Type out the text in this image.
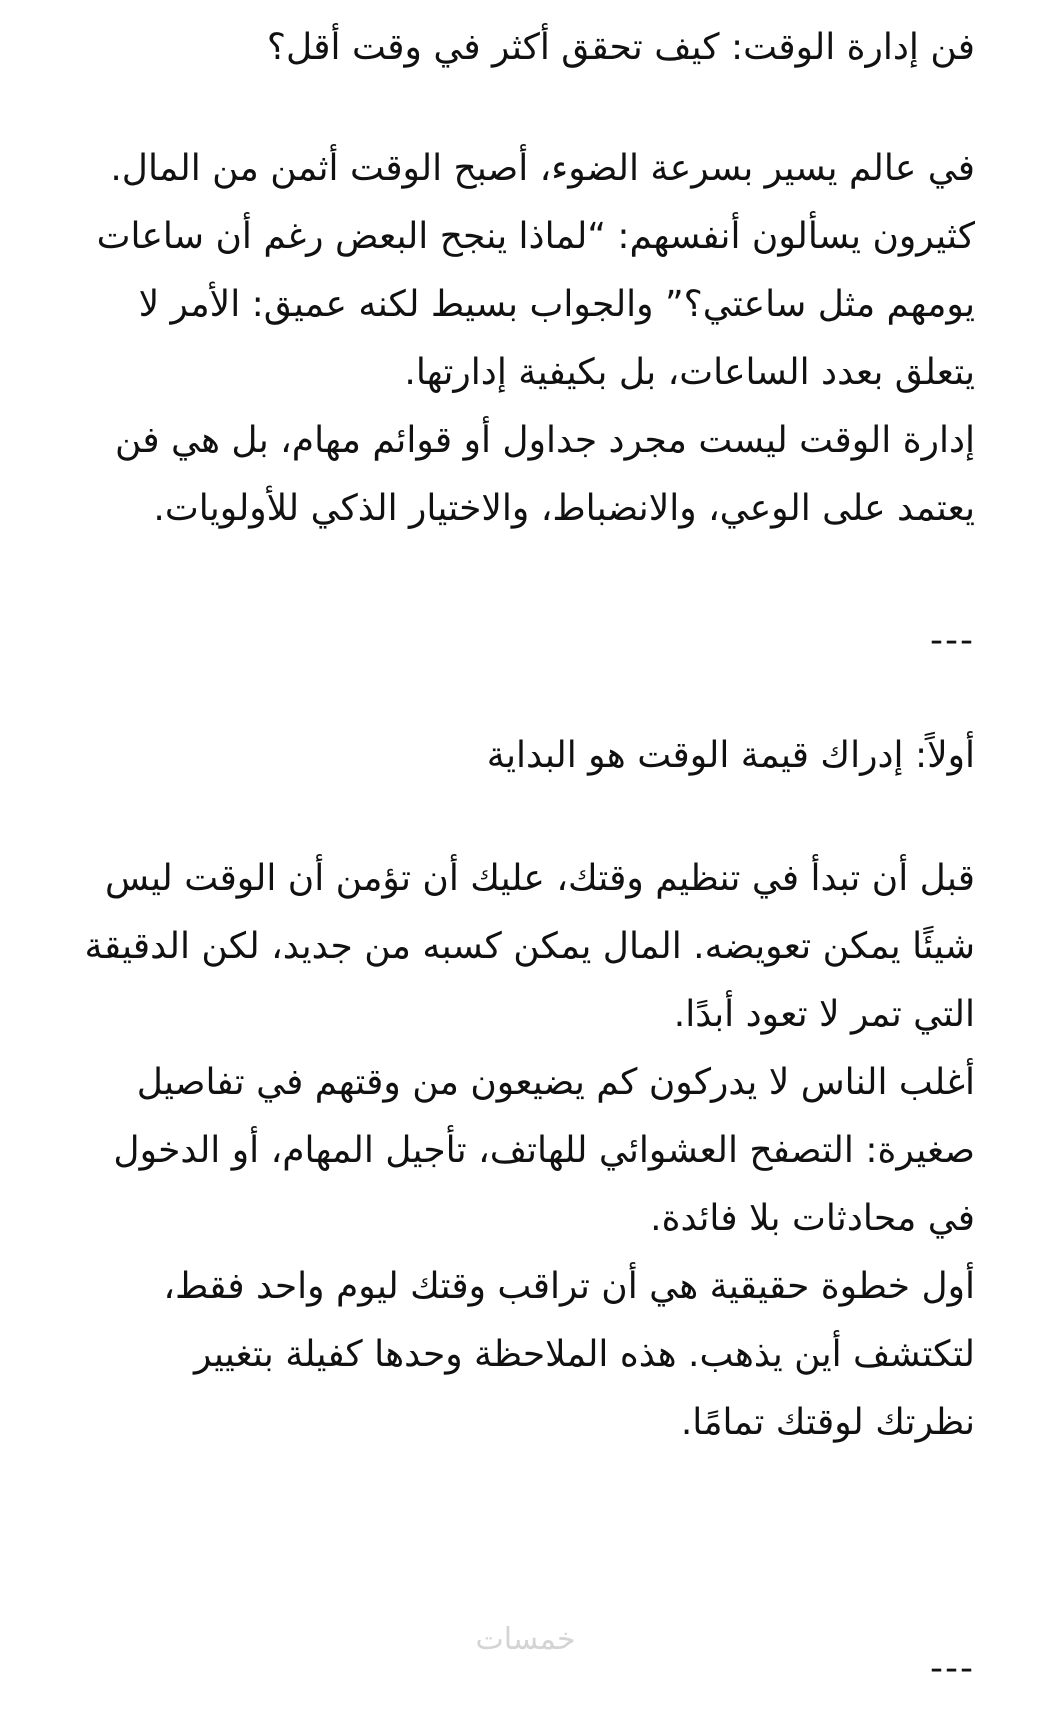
فن إدارة الوقت: كيف تحقق أكثر في وقت أقل؟
في عالم يسير بسرعة الضوء، أصبح الوقت أثمن من المال.
كثيرون يسألون أنفسهم: “لماذا ينجح البعض رغم أن ساعات
يومهم مثل ساعتي؟” والجواب بسيط لكنه عميق: الأمر لا
يتعلق بعدد الساعات، بل بكيفية إدارتها.
إدارة الوقت ليست مجرد جداول أو قوائم مهام، بل هي فن
يعتمد على الوعي، والانضباط، والاختيار الذكي للأولويات.
---
أولاً: إدراك قيمة الوقت هو البداية
قبل أن تبدأ في تنظيم وقتك، عليك أن تؤمن أن الوقت ليس
شيئًا يمكن تعويضه. المال يمكن كسبه من جديد، لكن الدقيقة
التي تمر لا تعود أبدًا.
أغلب الناس لا يدركون كم يضيعون من وقتهم في تفاصيل
صغيرة: التصفح العشوائي للهاتف، تأجيل المهام، أو الدخول
في محادثات بلا فائدة.
أول خطوة حقيقية هي أن تراقب وقتك ليوم واحد فقط،
لتكتشف أين يذهب. هذه الملاحظة وحدها كفيلة بتغيير
نظرتك لوقتك تمامًا.
خمسات
---
